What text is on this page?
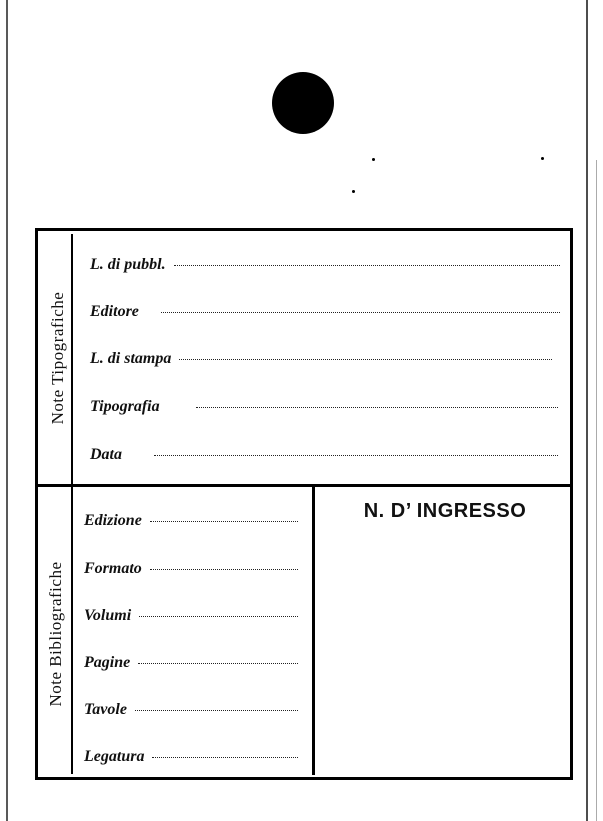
Note Tipografiche
Note Bibliografiche
L. di pubbl.
Editore
L. di stampa
Tipografia
Data
Edizione
Formato
Volumi
Pagine
Tavole
Legatura
N. D’ INGRESSO
